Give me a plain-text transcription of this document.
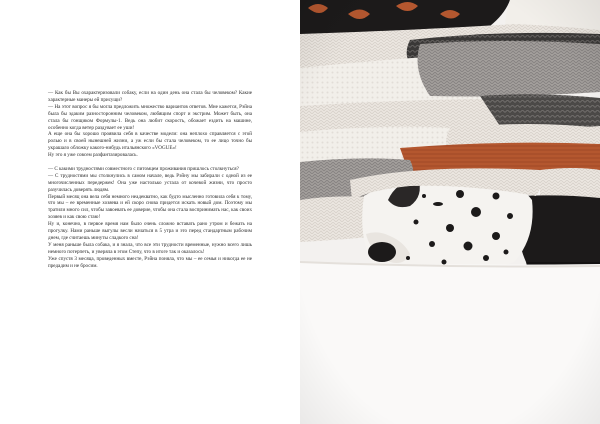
— Как бы Вы охарактеризовали собаку, если на один день она стала бы человеком? Какие характерные манеры ей присущи?

— На этот вопрос я бы могла предложить множество вариантов ответов. Мне кажется, Рэйна была бы эдаким разносторонним человеком, любящим спорт и экстрим. Может быть, она стала бы гонщиком Формулы-1. Ведь она любит скорость, обожает ездить на машине, особенно когда ветер раздувает ее уши!

А еще она бы хорошо проявила себя в качестве модели: она неплохо справляется с этой ролью и в своей нынешней жизни, а уж если бы стала человеком, то ее лицо точно бы украшало обложку какого-нибудь итальянского «VOGUE»!

Ну это я уже совсем разфантазировалась.

— С какими трудностями совместного с питомцем проживания пришлось столкнуться?

— С трудностями мы столкнулись в самом начале, ведь Рэйну мы забирали с одной из ее многочисленных передержек! Она уже настолько устала от кочевой жизни, что просто разучилась доверять людям.

Первый месяц она вела себя немного неадекватно, как будто мысленно готовила себя к тому, что мы – ее временные хозяева и ей скоро снова придется искать новый дом. Поэтому мы тратили много сил, чтобы завоевать ее доверие, чтобы она стала воспринимать нас, как своих хозяев и как свою стаю!

Ну и, конечно, в первое время нам было очень сложно вставать рано утром и бежать на прогулку. Нами раньше выгулы весли начаться в 5 утра и это перед стандартным рабочим днем, где считаешь минуты сладкого сна!

У меня раньше была собака, и я знала, что все эти трудности временные, нужно всего лишь немного потерпеть, и уверяла в этом Степу, что в итоге так и оказалось!

Уже спустя 3 месяца, проведенных вместе, Рэйна поняла, что мы – ее семья и никогда ее не предадим и не бросим.
